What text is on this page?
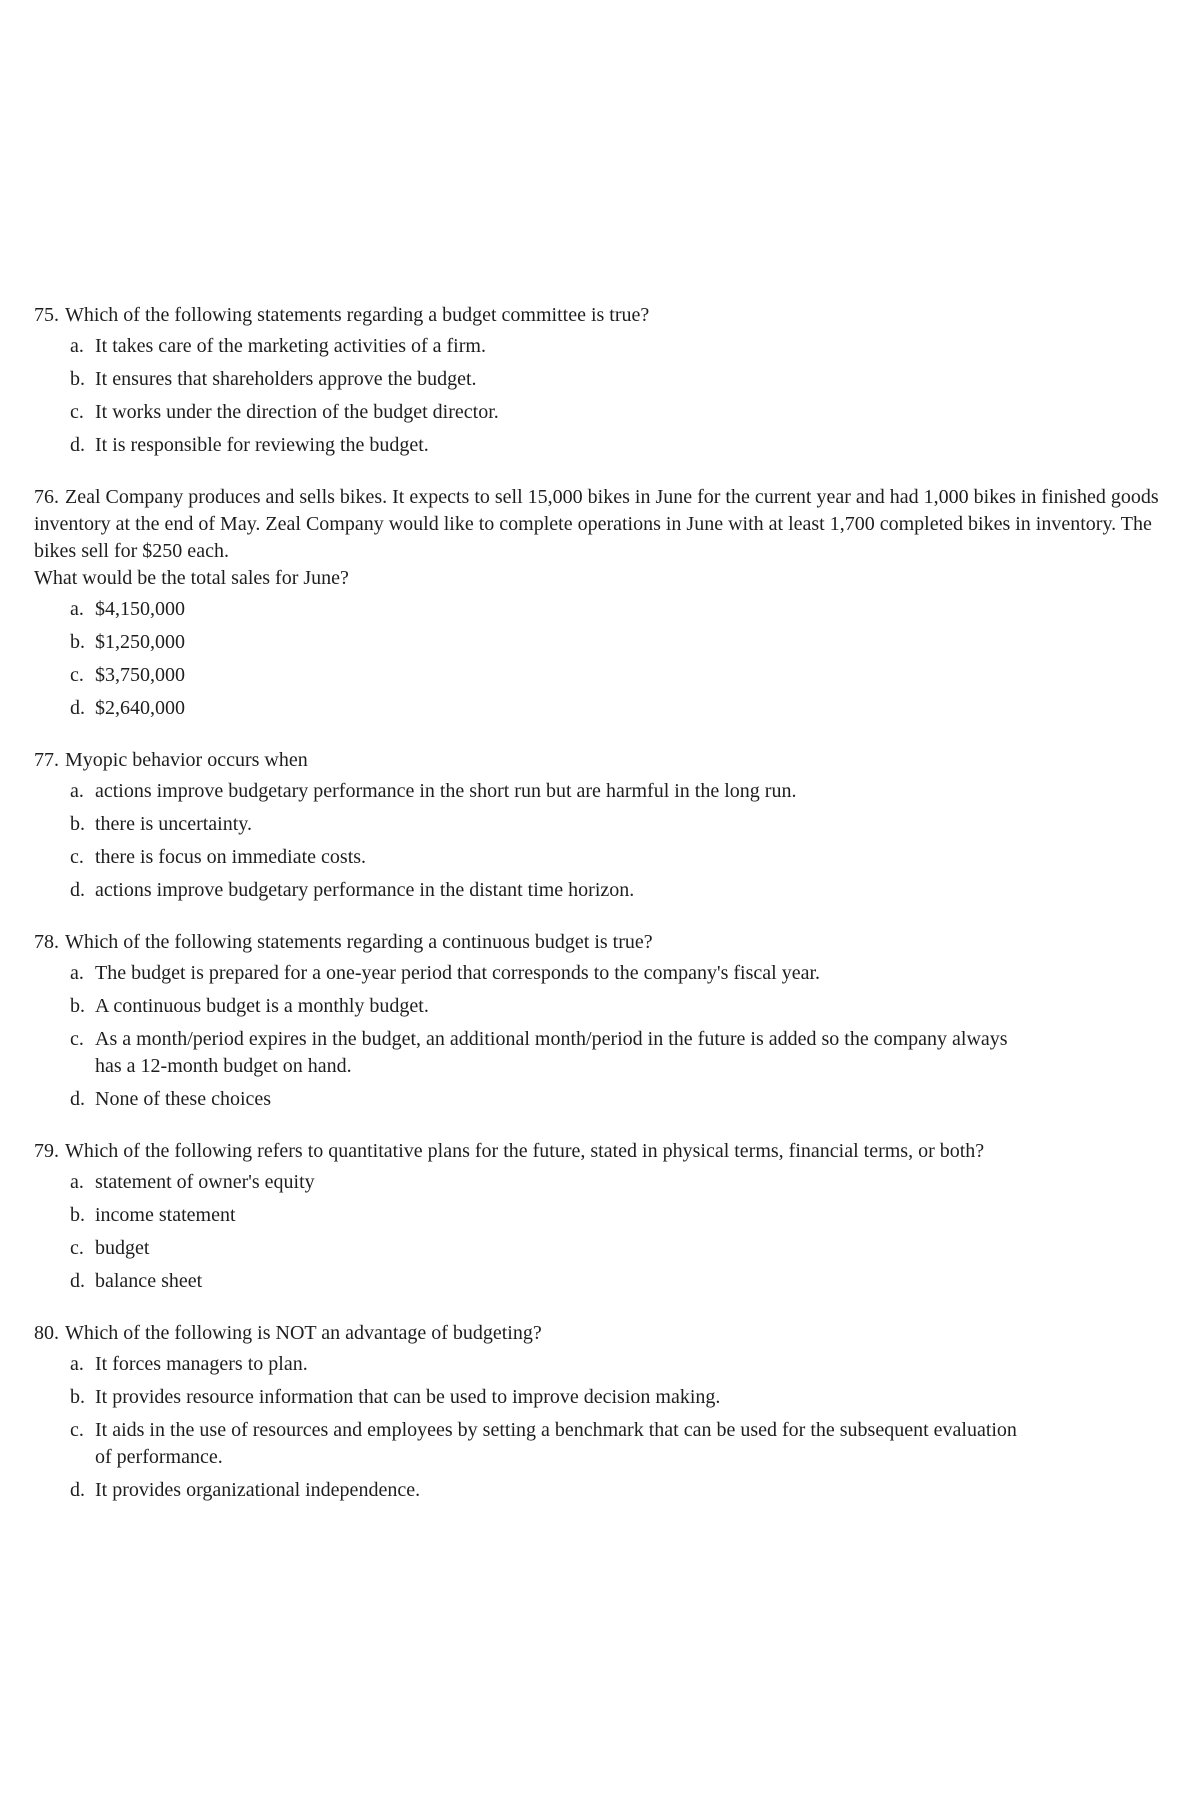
75. Which of the following statements regarding a budget committee is true?

a. It takes care of the marketing activities of a firm.
b. It ensures that shareholders approve the budget.
c. It works under the direction of the budget director.
d. It is responsible for reviewing the budget.

76. Zeal Company produces and sells bikes. It expects to sell 15,000 bikes in June for the current year and had 1,000 bikes in finished goods inventory at the end of May. Zeal Company would like to complete operations in June with at least 1,700 completed bikes in inventory. The bikes sell for $250 each.

What would be the total sales for June?

a. $4,150,000
b. $1,250,000
c. $3,750,000
d. $2,640,000

77. Myopic behavior occurs when

a. actions improve budgetary performance in the short run but are harmful in the long run.
b. there is uncertainty.
c. there is focus on immediate costs.
d. actions improve budgetary performance in the distant time horizon.

78. Which of the following statements regarding a continuous budget is true?

a. The budget is prepared for a one-year period that corresponds to the company's fiscal year.
b. A continuous budget is a monthly budget.
c. As a month/period expires in the budget, an additional month/period in the future is added so the company always has a 12-month budget on hand.
d. None of these choices

79. Which of the following refers to quantitative plans for the future, stated in physical terms, financial terms, or both?

a. statement of owner's equity
b. income statement
c. budget
d. balance sheet

80. Which of the following is NOT an advantage of budgeting?

a. It forces managers to plan.
b. It provides resource information that can be used to improve decision making.
c. It aids in the use of resources and employees by setting a benchmark that can be used for the subsequent evaluation of performance.
d. It provides organizational independence.
